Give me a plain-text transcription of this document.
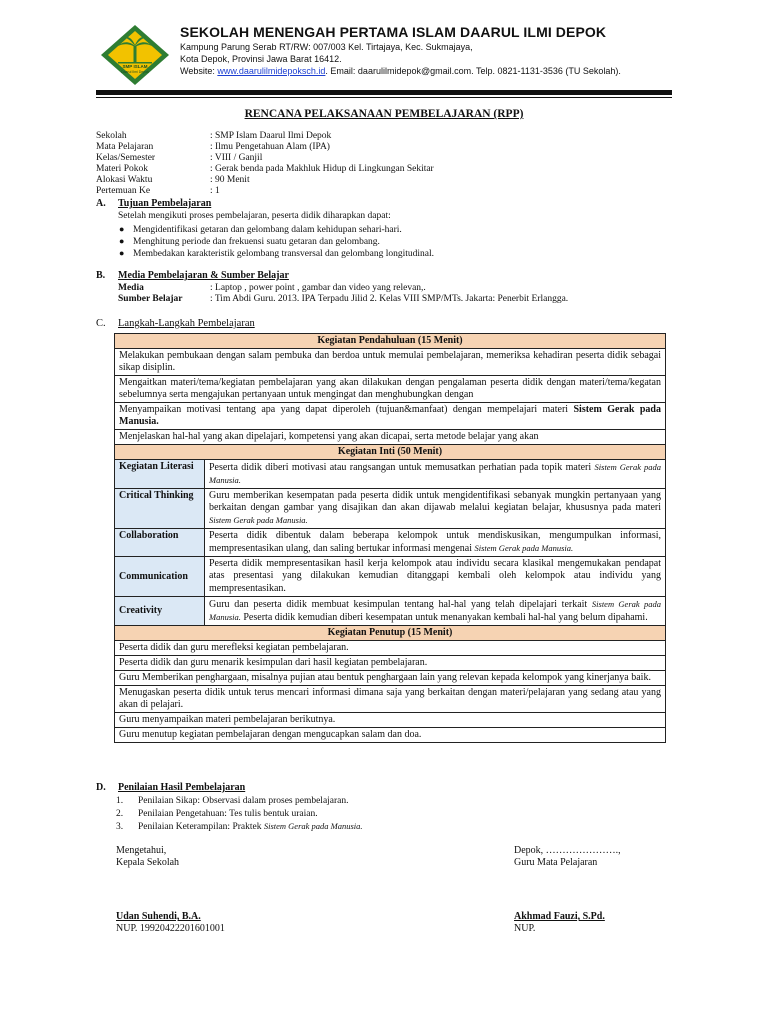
SMP ISLAM
Daarul Ilmi Depok
SEKOLAH MENENGAH PERTAMA ISLAM DAARUL ILMI DEPOK
Kampung Parung Serab RT/RW: 007/003 Kel. Tirtajaya, Kec. Sukmajaya,
Kota Depok, Provinsi Jawa Barat 16412.
Website: www.daarulilmidepoksch.id. Email: daarulilmidepok@gmail.com. Telp. 0821-1131-3536 (TU Sekolah).
RENCANA PELAKSANAAN PEMBELAJARAN (RPP)
Sekolah	: SMP Islam Daarul Ilmi Depok
Mata Pelajaran	: Ilmu Pengetahuan Alam (IPA)
Kelas/Semester	: VIII / Ganjil
Materi Pokok	: Gerak benda pada Makhluk Hidup di Lingkungan Sekitar
Alokasi Waktu	: 90 Menit
Pertemuan Ke	: 1
A. Tujuan Pembelajaran
Setelah mengikuti proses pembelajaran, peserta didik diharapkan dapat:
● Mengidentifikasi getaran dan gelombang dalam kehidupan sehari-hari.
● Menghitung periode dan frekuensi suatu getaran dan gelombang.
● Membedakan karakteristik gelombang transversal dan gelombang longitudinal.
B. Media Pembelajaran & Sumber Belajar
Media	: Laptop , power point , gambar dan video yang relevan,.
Sumber Belajar	: Tim Abdi Guru. 2013. IPA Terpadu Jilid 2. Kelas VIII SMP/MTs. Jakarta: Penerbit Erlangga.
C. Langkah-Langkah Pembelajaran
Kegiatan Pendahuluan (15 Menit)	
Melakukan pembukaan dengan salam pembuka dan berdoa untuk memulai pembelajaran, memeriksa kehadiran peserta didik sebagai sikap disiplin.	
Mengaitkan materi/tema/kegiatan pembelajaran yang akan dilakukan dengan pengalaman peserta didik dengan materi/tema/kegatan sebelumnya serta mengajukan pertanyaan untuk mengingat dan menghubungkan dengan	
Menyampaikan motivasi tentang apa yang dapat diperoleh (tujuan&manfaat) dengan mempelajari materi Sistem Gerak pada Manusia.	
Menjelaskan hal-hal yang akan dipelajari, kompetensi yang akan dicapai, serta metode belajar yang akan	
Kegiatan Inti (50 Menit)	
Kegiatan Literasi	Peserta didik diberi motivasi atau rangsangan untuk memusatkan perhatian pada topik materi Sistem Gerak pada Manusia.
Critical Thinking	Guru memberikan kesempatan pada peserta didik untuk mengidentifikasi sebanyak mungkin pertanyaan yang berkaitan dengan gambar yang disajikan dan akan dijawab melalui kegiatan belajar, khususnya pada materi Sistem Gerak pada Manusia.
Collaboration	Peserta didik dibentuk dalam beberapa kelompok untuk mendiskusikan, mengumpulkan informasi, mempresentasikan ulang, dan saling bertukar informasi mengenai Sistem Gerak pada Manusia.
Communication	Peserta didik mempresentasikan hasil kerja kelompok atau individu secara klasikal mengemukakan pendapat atas presentasi yang dilakukan kemudian ditanggapi kembali oleh kelompok atau individu yang mempresentasikan.
Creativity	Guru dan peserta didik membuat kesimpulan tentang hal-hal yang telah dipelajari terkait Sistem Gerak pada Manusia. Peserta didik kemudian diberi kesempatan untuk menanyakan kembali hal-hal yang belum dipahami.
Kegiatan Penutup (15 Menit)	
Peserta didik dan guru merefleksi kegiatan pembelajaran.	
Peserta didik dan guru menarik kesimpulan dari hasil kegiatan pembelajaran.	
Guru Memberikan penghargaan, misalnya pujian atau bentuk penghargaan lain yang relevan kepada kelompok yang kinerjanya baik.	
Menugaskan peserta didik untuk terus mencari informasi dimana saja yang berkaitan dengan materi/pelajaran yang sedang atau yang akan di pelajari.	
Guru menyampaikan materi pembelajaran berikutnya.	
Guru menutup kegiatan pembelajaran dengan mengucapkan salam dan doa.	
D. Penilaian Hasil Pembelajaran
1. Penilaian Sikap: Observasi dalam proses pembelajaran.
2. Penilaian Pengetahuan: Tes tulis bentuk uraian.
3. Penilaian Keterampilan: Praktek Sistem Gerak pada Manusia.
Mengetahui,
Kepala Sekolah
Udan Suhendi, B.A.
NUP. 19920422201601001
Depok, ………………….,
Guru Mata Pelajaran
Akhmad Fauzi, S.Pd.
NUP.
